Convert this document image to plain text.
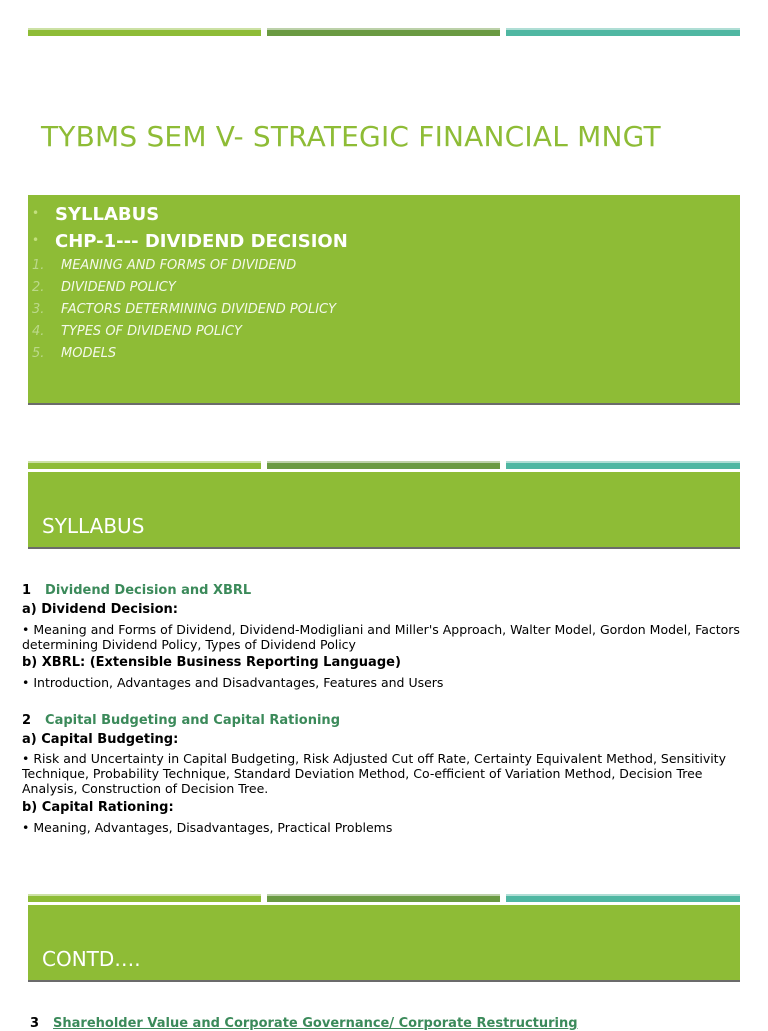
TYBMS SEM V- STRATEGIC FINANCIAL MNGT
• SYLLABUS
• CHP-1--- DIVIDEND DECISION
1. MEANING AND FORMS OF DIVIDEND
2. DIVIDEND POLICY
3. FACTORS DETERMINING DIVIDEND POLICY
4. TYPES OF DIVIDEND POLICY
5. MODELS
SYLLABUS
1 Dividend Decision and XBRL
a) Dividend Decision:
• Meaning and Forms of Dividend, Dividend-Modigliani and Miller's Approach, Walter Model, Gordon Model, Factors determining Dividend Policy, Types of Dividend Policy
b) XBRL: (Extensible Business Reporting Language)
• Introduction, Advantages and Disadvantages, Features and Users
2 Capital Budgeting and Capital Rationing
a) Capital Budgeting:
• Risk and Uncertainty in Capital Budgeting, Risk Adjusted Cut off Rate, Certainty Equivalent Method, Sensitivity Technique, Probability Technique, Standard Deviation Method, Co-efficient of Variation Method, Decision Tree Analysis, Construction of Decision Tree.
b) Capital Rationing:
• Meaning, Advantages, Disadvantages, Practical Problems
CONTD….
3 Shareholder Value and Corporate Governance/ Corporate Restructuring
